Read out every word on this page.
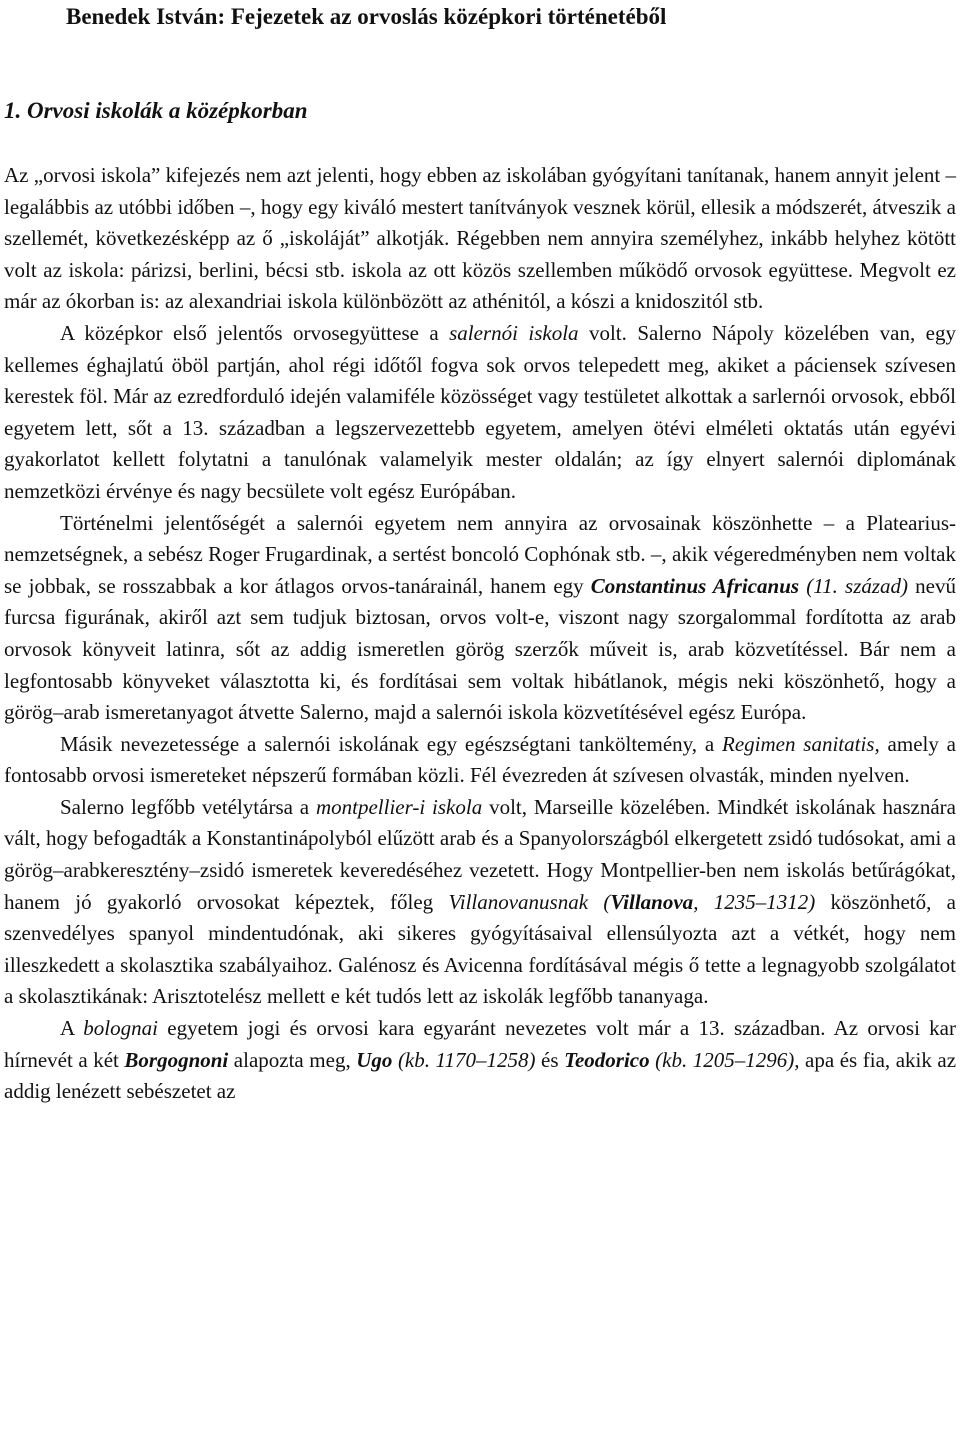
Benedek István: Fejezetek az orvoslás középkori történetéből
1. Orvosi iskolák a középkorban

Az „orvosi iskola” kifejezés nem azt jelenti, hogy ebben az iskolában gyógyítani tanítanak, hanem annyit jelent – legalábbis az utóbbi időben –, hogy egy kiváló mestert tanítványok vesznek körül, ellesik a módszerét, átveszik a szellemét, következésképp az ő „iskoláját” alkotják. Régebben nem annyira személyhez, inkább helyhez kötött volt az iskola: párizsi, berlini, bécsi stb. iskola az ott közös szellemben működő orvosok együttese. Megvolt ez már az ókorban is: az alexandriai iskola különbözött az athénitól, a kószi a knidoszitól stb.

A középkor első jelentős orvosegyüttese a salernói iskola volt. Salerno Nápoly közelében van, egy kellemes éghajlatú öböl partján, ahol régi időtől fogva sok orvos telepedett meg, akiket a páciensek szívesen kerestek föl. Már az ezredforduló idején valamiféle közösséget vagy testületet alkottak a sarlernói orvosok, ebből egyetem lett, sőt a 13. században a legszervezettebb egyetem, amelyen ötévi elméleti oktatás után egyévi gyakorlatot kellett folytatni a tanulónak valamelyik mester oldalán; az így elnyert salernói diplomának nemzetközi érvénye és nagy becsülete volt egész Európában.

Történelmi jelentőségét a salernói egyetem nem annyira az orvosainak köszönhette – a Platearius-nemzetségnek, a sebész Roger Frugardinak, a sertést boncoló Cophónak stb. –, akik végeredményben nem voltak se jobbak, se rosszabbak a kor átlagos orvos-tanárainál, hanem egy Constantinus Africanus (11. század) nevű furcsa figurának, akiről azt sem tudjuk biztosan, orvos volt-e, viszont nagy szorgalommal fordította az arab orvosok könyveit latinra, sőt az addig ismeretlen görög szerzők műveit is, arab közvetítéssel. Bár nem a legfontosabb könyveket választotta ki, és fordításai sem voltak hibátlanok, mégis neki köszönhető, hogy a görög–arab ismeretanyagot átvette Salerno, majd a salernói iskola közvetítésével egész Európa.

Másik nevezetessége a salernói iskolának egy egészségtani tanköltemény, a Regimen sanitatis, amely a fontosabb orvosi ismereteket népszerű formában közli. Fél évezreden át szívesen olvasták, minden nyelven.

Salerno legfőbb vetélytársa a montpellier-i iskola volt, Marseille közelében. Mindkét iskolának hasznára vált, hogy befogadták a Konstantinápolyból elűzött arab és a Spanyolországból elkergetett zsidó tudósokat, ami a görög–arabkeresztény–zsidó ismeretek keveredéséhez vezetett. Hogy Montpellier-ben nem iskolás betűrágókat, hanem jó gyakorló orvosokat képeztek, főleg Villanovanusnak (Villanova, 1235–1312) köszönhető, a szenvedélyes spanyol mindentudónak, aki sikeres gyógyításaival ellensúlyozta azt a vétkét, hogy nem illeszkedett a skolasztika szabályaihoz. Galénosz és Avicenna fordításával mégis ő tette a legnagyobb szolgálatot a skolasztikának: Arisztotelész mellett e két tudós lett az iskolák legfőbb tananyaga.

A bolognai egyetem jogi és orvosi kara egyaránt nevezetes volt már a 13. században. Az orvosi kar hírnevét a két Borgognoni alapozta meg, Ugo (kb. 1170–1258) és Teodorico (kb. 1205–1296), apa és fia, akik az addig lenézett sebészetet az
